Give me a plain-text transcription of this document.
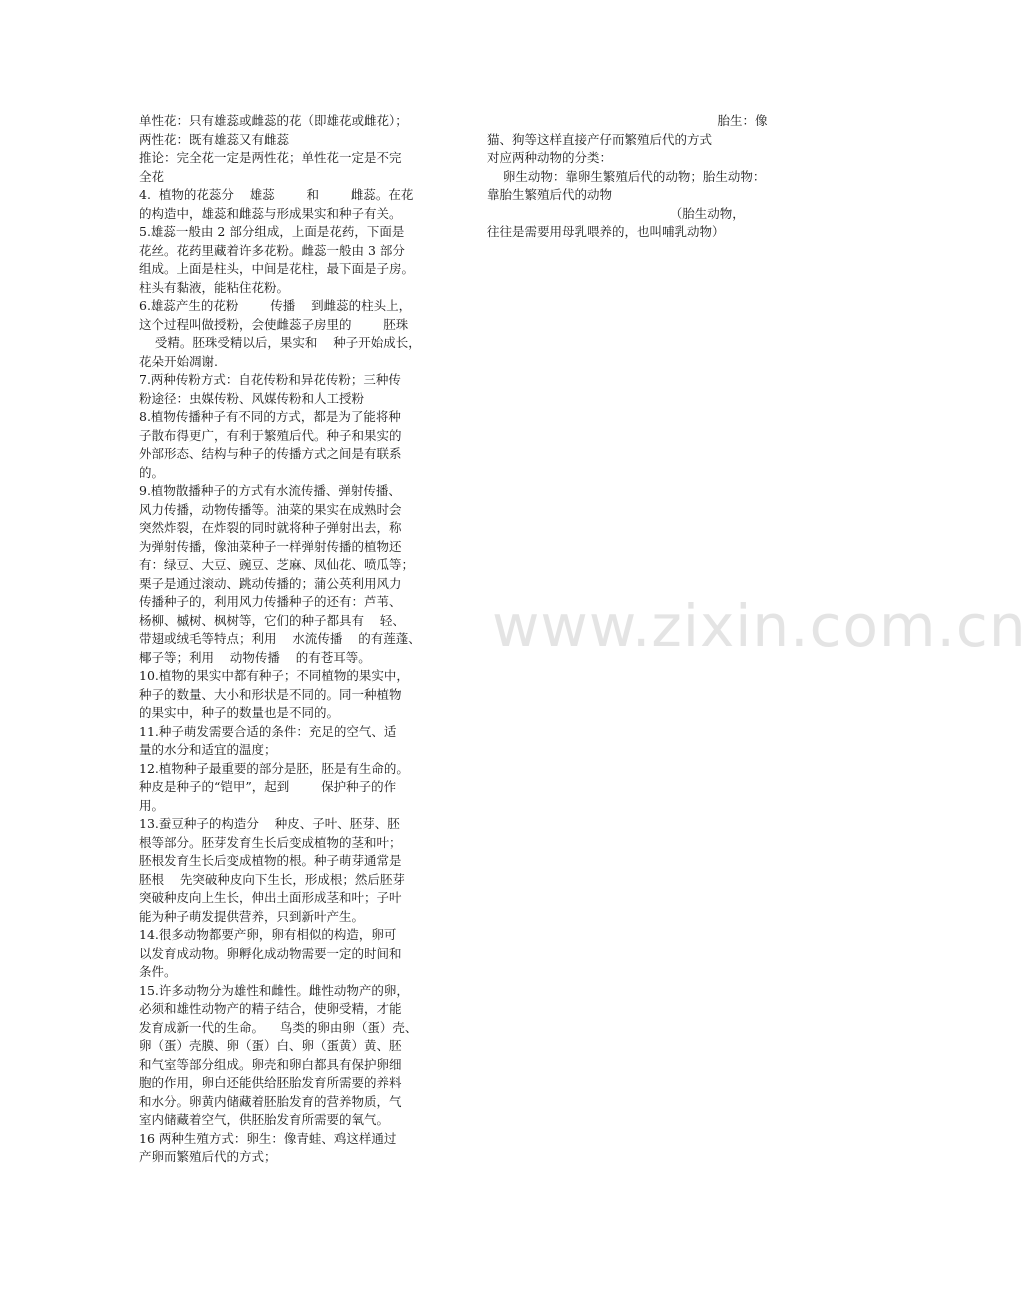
www.zixin.com.cn
单性花：只有雄蕊或雌蕊的花（即雄花或雌花）；
两性花：既有雄蕊又有雌蕊
推论：完全花一定是两性花；单性花一定是不完
全花
4.  植物的花蕊分    雄蕊        和        雌蕊。在花
的构造中，雄蕊和雌蕊与形成果实和种子有关。
5.雄蕊一般由 2 部分组成，上面是花药，下面是
花丝。花药里藏着许多花粉。雌蕊一般由 3 部分
组成。上面是柱头，中间是花柱，最下面是子房。
柱头有黏液，能粘住花粉。
6.雄蕊产生的花粉        传播    到雌蕊的柱头上，
这个过程叫做授粉，会使雌蕊子房里的        胚珠
受精。胚珠受精以后，果实和    种子开始成长，
花朵开始凋谢.
7.两种传粉方式：自花传粉和异花传粉；三种传
粉途径：虫媒传粉、风媒传粉和人工授粉
8.植物传播种子有不同的方式，都是为了能将种
子散布得更广，有利于繁殖后代。种子和果实的
外部形态、结构与种子的传播方式之间是有联系
的。
9.植物散播种子的方式有水流传播、弹射传播、
风力传播，动物传播等。油菜的果实在成熟时会
突然炸裂，在炸裂的同时就将种子弹射出去，称
为弹射传播，像油菜种子一样弹射传播的植物还
有：绿豆、大豆、豌豆、芝麻、凤仙花、喷瓜等；
栗子是通过滚动、跳动传播的；蒲公英利用风力
传播种子的，利用风力传播种子的还有：芦苇、
杨柳、槭树、枫树等，它们的种子都具有    轻、
带翅或绒毛等特点；利用    水流传播    的有莲蓬、
椰子等；利用    动物传播    的有苍耳等。
10.植物的果实中都有种子；不同植物的果实中，
种子的数量、大小和形状是不同的。同一种植物
的果实中，种子的数量也是不同的。
11.种子萌发需要合适的条件：充足的空气、适
量的水分和适宜的温度；
12.植物种子最重要的部分是胚，胚是有生命的。
种皮是种子的“铠甲”，起到        保护种子的作
用。
13.蚕豆种子的构造分    种皮、子叶、胚芽、胚
根等部分。胚芽发育生长后变成植物的茎和叶；
胚根发育生长后变成植物的根。种子萌芽通常是
胚根    先突破种皮向下生长，形成根；然后胚芽
突破种皮向上生长，伸出土面形成茎和叶；子叶
能为种子萌发提供营养，只到新叶产生。
14.很多动物都要产卵，卵有相似的构造，卵可
以发育成动物。卵孵化成动物需要一定的时间和
条件。
15.许多动物分为雄性和雌性。雌性动物产的卵，
必须和雄性动物产的精子结合，使卵受精，才能
发育成新一代的生命。    鸟类的卵由卵（蛋）壳、
卵（蛋）壳膜、卵（蛋）白、卵（蛋黄）黄、胚
和气室等部分组成。卵壳和卵白都具有保护卵细
胞的作用，卵白还能供给胚胎发育所需要的养料
和水分。卵黄内储藏着胚胎发育的营养物质，气
室内储藏着空气，供胚胎发育所需要的氧气。
16 两种生殖方式：卵生：像青蛙、鸡这样通过
产卵而繁殖后代的方式；
胎生：像
猫、狗等这样直接产仔而繁殖后代的方式
对应两种动物的分类：
卵生动物：靠卵生繁殖后代的动物；胎生动物：
靠胎生繁殖后代的动物
（胎生动物，
往往是需要用母乳喂养的，也叫哺乳动物）
